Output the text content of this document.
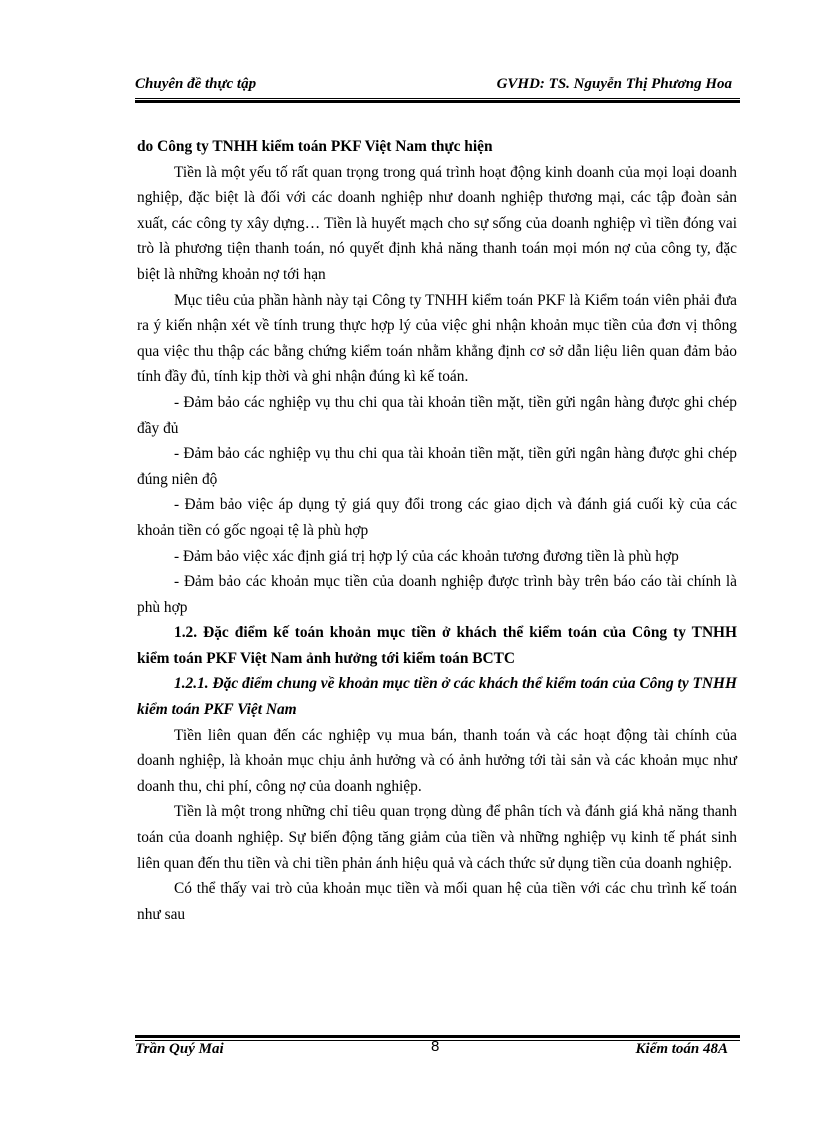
Chuyên đề thực tập	GVHD: TS. Nguyễn Thị Phương Hoa

do Công ty TNHH kiểm toán PKF Việt Nam thực hiện

Tiền là một yếu tố rất quan trọng trong quá trình hoạt động kinh doanh của mọi loại doanh nghiệp, đặc biệt là đối với các doanh nghiệp như doanh nghiệp thương mại, các tập đoàn sản xuất, các công ty xây dựng… Tiền là huyết mạch cho sự sống của doanh nghiệp vì tiền đóng vai trò là phương tiện thanh toán, nó quyết định khả năng thanh toán mọi món nợ của công ty, đặc biệt là những khoản nợ tới hạn

Mục tiêu của phần hành này tại Công ty TNHH kiểm toán PKF là Kiểm toán viên phải đưa ra ý kiến nhận xét về tính trung thực hợp lý của việc ghi nhận khoản mục tiền của đơn vị thông qua việc thu thập các bằng chứng kiểm toán nhằm khẳng định cơ sở dẫn liệu liên quan đảm bảo tính đầy đủ, tính kịp thời và ghi nhận đúng kì kế toán.

- Đảm bảo các nghiệp vụ thu chi qua tài khoản tiền mặt, tiền gửi ngân hàng được ghi chép đầy đủ

- Đảm bảo các nghiệp vụ thu chi qua tài khoản tiền mặt, tiền gửi ngân hàng được ghi chép đúng niên độ

- Đảm bảo việc áp dụng tỷ giá quy đổi trong các giao dịch và đánh giá cuối kỳ của các khoản tiền có gốc ngoại tệ là phù hợp

- Đảm bảo việc xác định giá trị hợp lý của các khoản tương đương tiền là phù hợp

- Đảm bảo các khoản mục tiền của doanh nghiệp được trình bày trên báo cáo tài chính là phù hợp

1.2. Đặc điểm kế toán khoản mục tiền ở khách thể kiểm toán của Công ty TNHH kiểm toán PKF Việt Nam ảnh hưởng tới kiểm toán BCTC

1.2.1. Đặc điểm chung về khoản mục tiền ở các khách thể kiểm toán của Công ty TNHH kiểm toán PKF Việt Nam

Tiền liên quan đến các nghiệp vụ mua bán, thanh toán và các hoạt động tài chính của doanh nghiệp, là khoản mục chịu ảnh hưởng và có ảnh hưởng tới tài sản và các khoản mục như doanh thu, chi phí, công nợ của doanh nghiệp.

Tiền là một trong những chỉ tiêu quan trọng dùng để phân tích và đánh giá khả năng thanh toán của doanh nghiệp. Sự biến động tăng giảm của tiền và những nghiệp vụ kinh tế phát sinh liên quan đến thu tiền và chi tiền phản ánh hiệu quả và cách thức sử dụng tiền của doanh nghiệp.

Có thể thấy vai trò của khoản mục tiền và mối quan hệ của tiền với các chu trình kế toán như sau

Trần Quý Mai	8	Kiểm toán 48A
